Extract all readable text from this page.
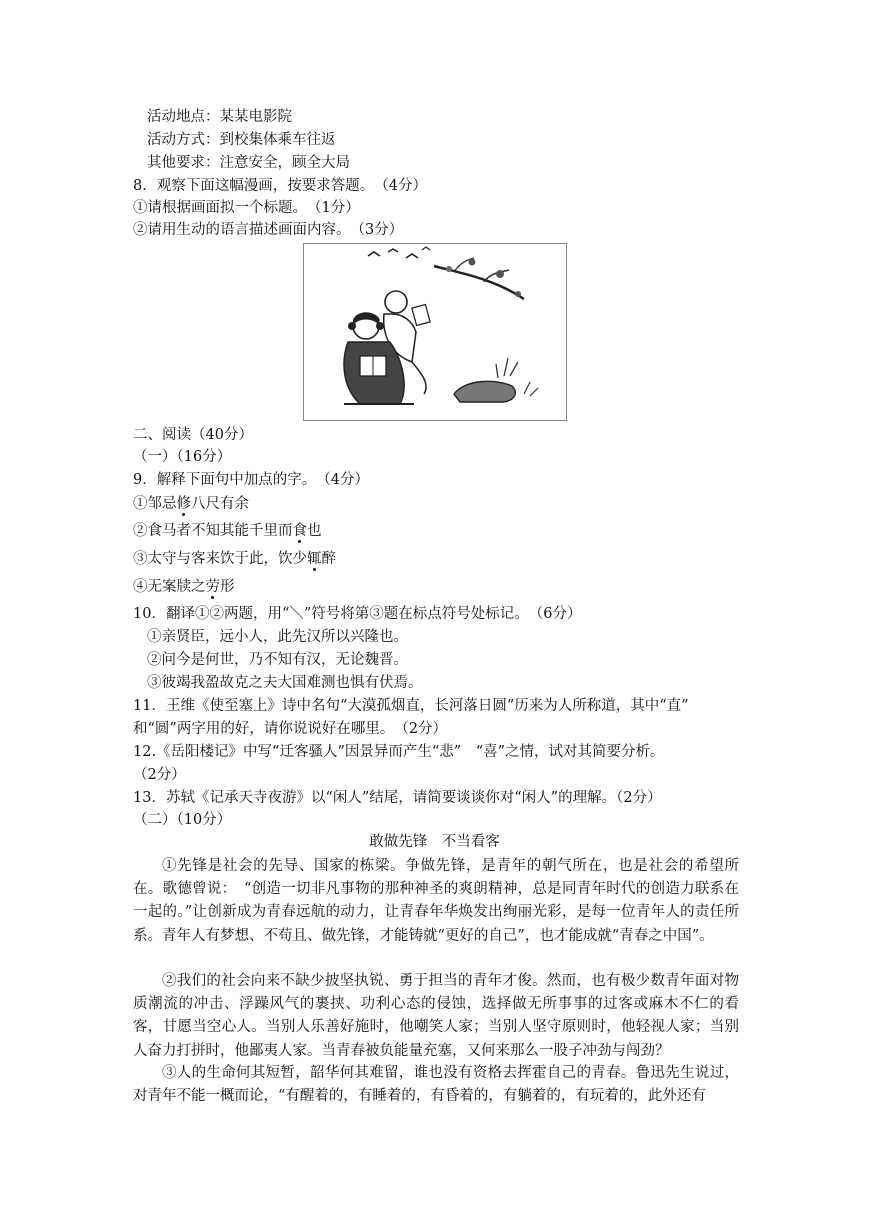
活动地点：某某电影院
活动方式：到校集体乘车往返
其他要求：注意安全，顾全大局
8．观察下面这幅漫画，按要求答题。　（4分）
①请根据画面拟一个标题。　（1分）
②请用生动的语言描述画面内容。　（3分）
二、阅读（40分）
（一）（16分）
9．解释下面句中加点的字。　（4分）
①邹忌修八尺有余
②食马者不知其能千里而食也
③太守与客来饮于此，饮少辄醉
④无案牍之劳形
10．翻译①②两题，用“＼”符号将第③题在标点符号处标记。　（6分）
①亲贤臣，远小人，此先汉所以兴隆也。
②问今是何世，乃不知有汉，无论魏晋。
③彼竭我盈故克之夫大国难测也惧有伏焉。
11．王维《使至塞上》诗中名句“大漠孤烟直，长河落日圆”历来为人所称道，其中“直”
和“圆”两字用的好，请你说说好在哪里。　（2分）
12.《岳阳楼记》中写“迁客骚人”因景异而产生“悲”　“喜”之情，试对其简要分析。
（2分）
13．苏轼《记承天寺夜游》以“闲人”结尾，请简要谈谈你对“闲人”的理解。（2分）
（二）（10分）
敢做先锋　不当看客
①先锋是社会的先导、国家的栋梁。争做先锋，是青年的朝气所在，也是社会的希望所在。歌德曾说：　“创造一切非凡事物的那种神圣的爽朗精神，总是同青年时代的创造力联系在一起的。”让创新成为青春远航的动力，让青春年华焕发出绚丽光彩，是每一位青年人的责任所系。青年人有梦想、不苟且、做先锋，才能铸就“更好的自己”，也才能成就“青春之中国”。
②我们的社会向来不缺少披坚执锐、勇于担当的青年才俊。然而，也有极少数青年面对物质潮流的冲击、浮躁风气的裹挟、功利心态的侵蚀，选择做无所事事的过客或麻木不仁的看客，甘愿当空心人。当别人乐善好施时，他嘲笑人家；当别人坚守原则时，他轻视人家；当别人奋力打拼时，他鄙夷人家。当青春被负能量充塞，又何来那么一股子冲劲与闯劲？
③人的生命何其短暂，韶华何其难留，谁也没有资格去挥霍自己的青春。鲁迅先生说过，对青年不能一概而论，“有醒着的，有睡着的，有昏着的，有躺着的，有玩着的，此外还有
